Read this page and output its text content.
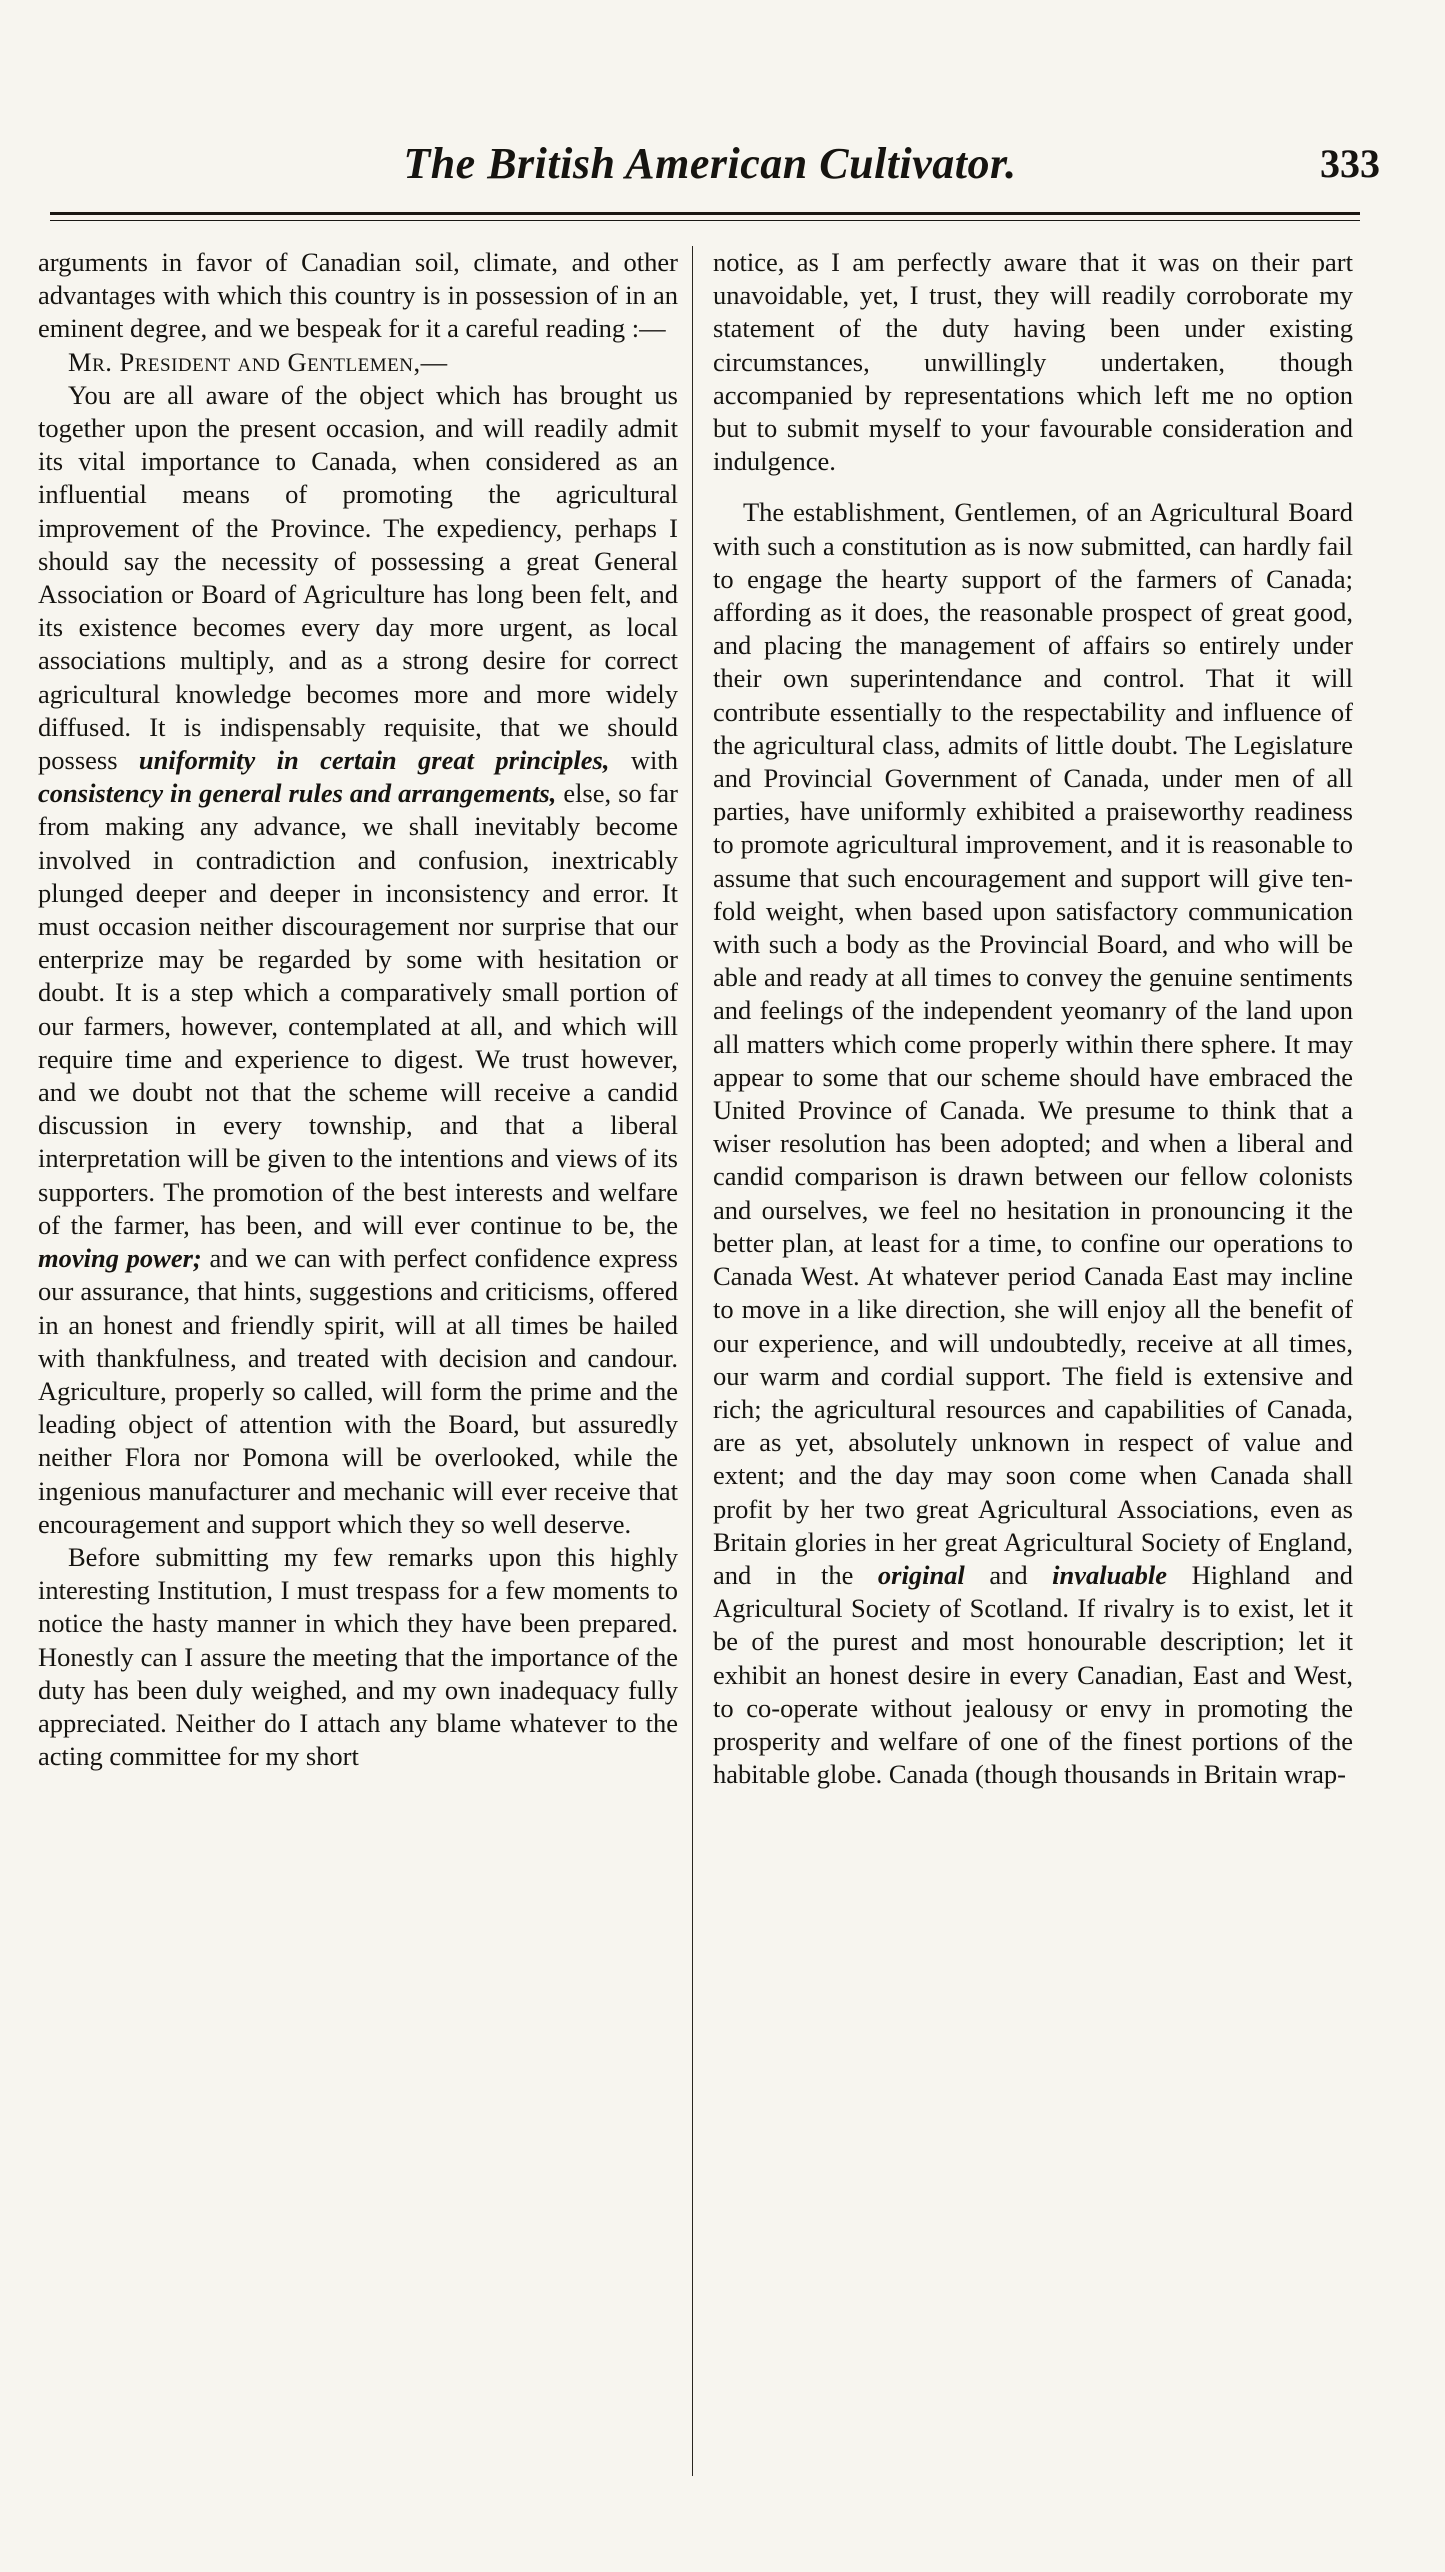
The British American Cultivator.	333

arguments in favor of Canadian soil, climate, and other advantages with which this country is in possession of in an eminent degree, and we bespeak for it a careful reading :—

Mr. President and Gentlemen,—

You are all aware of the object which has brought us together upon the present occasion, and will readily admit its vital importance to Canada, when considered as an influential means of promoting the agricultural improvement of the Province. The expediency, perhaps I should say the necessity of possessing a great General Association or Board of Agriculture has long been felt, and its existence becomes every day more urgent, as local associations multiply, and as a strong desire for correct agricultural knowledge becomes more and more widely diffused. It is indispensably requisite, that we should possess uniformity in certain great principles, with consistency in general rules and arrangements, else, so far from making any advance, we shall inevitably become involved in contradiction and confusion, inextricably plunged deeper and deeper in inconsistency and error. It must occasion neither discouragement nor surprise that our enterprize may be regarded by some with hesitation or doubt. It is a step which a comparatively small portion of our farmers, however, contemplated at all, and which will require time and experience to digest. We trust however, and we doubt not that the scheme will receive a candid discussion in every township, and that a liberal interpretation will be given to the intentions and views of its supporters. The promotion of the best interests and welfare of the farmer, has been, and will ever continue to be, the moving power; and we can with perfect confidence express our assurance, that hints, suggestions and criticisms, offered in an honest and friendly spirit, will at all times be hailed with thankfulness, and treated with decision and candour. Agriculture, properly so called, will form the prime and the leading object of attention with the Board, but assuredly neither Flora nor Pomona will be overlooked, while the ingenious manufacturer and mechanic will ever receive that encouragement and support which they so well deserve.

Before submitting my few remarks upon this highly interesting Institution, I must trespass for a few moments to notice the hasty manner in which they have been prepared. Honestly can I assure the meeting that the importance of the duty has been duly weighed, and my own inadequacy fully appreciated. Neither do I attach any blame whatever to the acting committee for my short

notice, as I am perfectly aware that it was on their part unavoidable, yet, I trust, they will readily corroborate my statement of the duty having been under existing circumstances, unwillingly undertaken, though accompanied by representations which left me no option but to submit myself to your favourable consideration and indulgence.

The establishment, Gentlemen, of an Agricultural Board with such a constitution as is now submitted, can hardly fail to engage the hearty support of the farmers of Canada; affording as it does, the reasonable prospect of great good, and placing the management of affairs so entirely under their own superintendance and control. That it will contribute essentially to the respectability and influence of the agricultural class, admits of little doubt. The Legislature and Provincial Government of Canada, under men of all parties, have uniformly exhibited a praiseworthy readiness to promote agricultural improvement, and it is reasonable to assume that such encouragement and support will give ten-fold weight, when based upon satisfactory communication with such a body as the Provincial Board, and who will be able and ready at all times to convey the genuine sentiments and feelings of the independent yeomanry of the land upon all matters which come properly within there sphere. It may appear to some that our scheme should have embraced the United Province of Canada. We presume to think that a wiser resolution has been adopted; and when a liberal and candid comparison is drawn between our fellow colonists and ourselves, we feel no hesitation in pronouncing it the better plan, at least for a time, to confine our operations to Canada West. At whatever period Canada East may incline to move in a like direction, she will enjoy all the benefit of our experience, and will undoubtedly, receive at all times, our warm and cordial support. The field is extensive and rich; the agricultural resources and capabilities of Canada, are as yet, absolutely unknown in respect of value and extent; and the day may soon come when Canada shall profit by her two great Agricultural Associations, even as Britain glories in her great Agricultural Society of England, and in the original and invaluable Highland and Agricultural Society of Scotland. If rivalry is to exist, let it be of the purest and most honourable description; let it exhibit an honest desire in every Canadian, East and West, to co-operate without jealousy or envy in promoting the prosperity and welfare of one of the finest portions of the habitable globe. Canada (though thousands in Britain wrap-
